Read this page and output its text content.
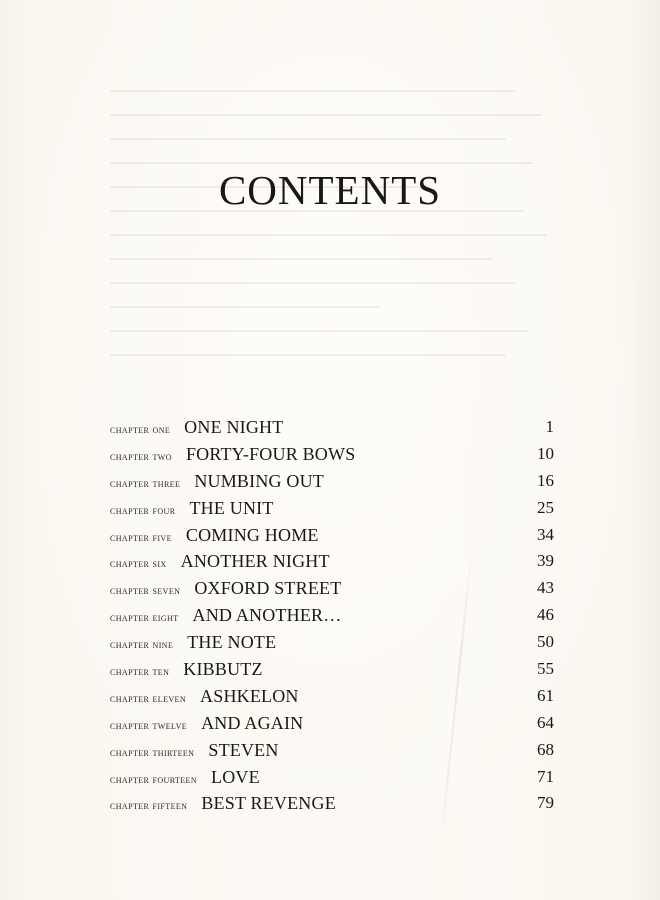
CONTENTS
chapter one ONE NIGHT	1
chapter two FORTY-FOUR BOWS	10
chapter three NUMBING OUT	16
chapter four THE UNIT	25
chapter five COMING HOME	34
chapter six ANOTHER NIGHT	39
chapter seven OXFORD STREET	43
chapter eight AND ANOTHER…	46
chapter nine THE NOTE	50
chapter ten KIBBUTZ	55
chapter eleven ASHKELON	61
chapter twelve AND AGAIN	64
chapter thirteen STEVEN	68
chapter fourteen LOVE	71
chapter fifteen BEST REVENGE	79
